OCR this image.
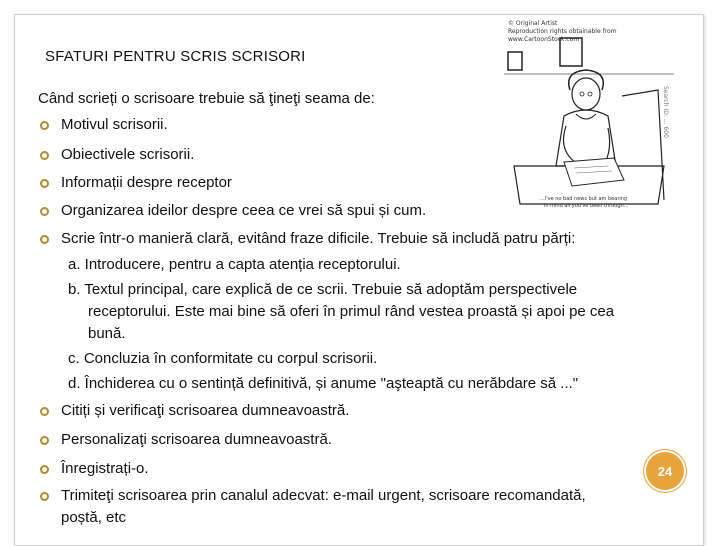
SFATURI PENTRU SCRIS SCRISORI
Când scrieți o scrisoare trebuie să ţineţi seama de:
Motivul scrisorii.
Obiectivele scrisorii.
Informații despre receptor
Organizarea ideilor despre ceea ce vrei să spui și cum.
Scrie într-o manieră clară, evitând fraze dificile. Trebuie să includă patru părți:
a. Introducere, pentru a capta atenția receptorului.
b. Textul principal, care explică de ce scrii. Trebuie să adoptăm perspectivele
receptorului. Este mai bine să oferi în primul rând vestea proastă și apoi pe cea
bună.
c. Concluzia în conformitate cu corpul scrisorii.
d. Închiderea cu o sentință definitivă, și anume "aşteaptă cu nerăbdare să ..."
Citiți și verificaţi scrisoarea dumneavoastră.
Personalizaţi scrisoarea dumneavoastră.
Înregistrați-o.
Trimiteţi scrisoarea prin canalul adecvat: e-mail urgent, scrisoare recomandată,
poștă, etc
24
© Original Artist
Reproduction rights obtainable from
www.CartoonStock.com
Search ID: ... 600
...I've no bad news but am bearing
in mind all you've been through...
